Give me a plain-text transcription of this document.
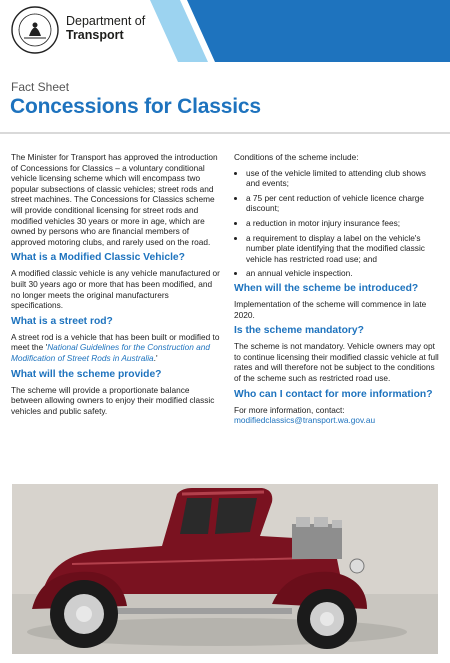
Department of
Transport
Fact Sheet
Concessions for Classics

The Minister for Transport has approved the introduction of Concessions for Classics – a voluntary conditional vehicle licensing scheme which will encompass two popular subsections of classic vehicles; street rods and street machines. The Concessions for Classics scheme will provide conditional licensing for street rods and modified vehicles 30 years or more in age, which are owned by persons who are financial members of approved motoring clubs, and rarely used on the road.

What is a Modified Classic Vehicle?

A modified classic vehicle is any vehicle manufactured or built 30 years ago or more that has been modified, and no longer meets the original manufacturers specifications.

What is a street rod?

A street rod is a vehicle that has been built or modified to meet the 'National Guidelines for the Construction and Modification of Street Rods in Australia.'

What will the scheme provide?

The scheme will provide a proportionate balance between allowing owners to enjoy their modified classic vehicles and public safety.

Conditions of the scheme include:

• use of the vehicle limited to attending club shows and events;
• a 75 per cent reduction of vehicle licence charge discount;
• a reduction in motor injury insurance fees;
• a requirement to display a label on the vehicle's number plate identifying that the modified classic vehicle has restricted road use; and
• an annual vehicle inspection.
When will the scheme be introduced?

Implementation of the scheme will commence in late 2020.

Is the scheme mandatory?

The scheme is not mandatory. Vehicle owners may opt to continue licensing their modified classic vehicle at full rates and will therefore not be subject to the conditions of the scheme such as restricted road use.

Who can I contact for more information?

For more information, contact:
modifiedclassics@transport.wa.gov.au
